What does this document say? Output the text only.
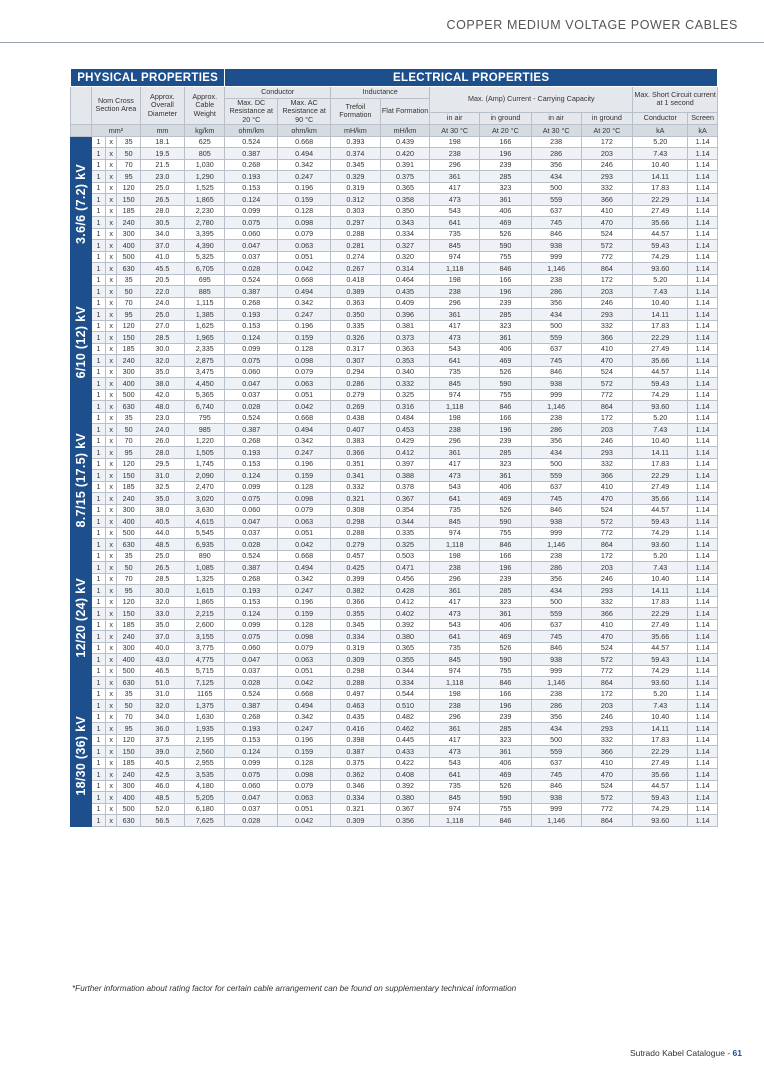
COPPER MEDIUM VOLTAGE POWER CABLES
PHYSICAL PROPERTIES						ELECTRICAL PROPERTIES									
	Nom Cross Section Area			Approx. Overall Diameter	Approx. Cable Weight	Conductor		Inductance		Max. (Amp) Current - Carrying Capacity				Max. Short Circuit current at 1 second	
						Max. DC Resistance at 20 °C	Max. AC Resistance at 90 °C	Trefoil Formation	Flat Formation						

										in air	in ground	in air	in ground	Conductor	Screen
	mm²			mm	kg/km	ohm/km	ohm/km	mH/km	mH/km	At 30 °C	At 20 °C	At 30 °C	At 20 °C	kA	kA
3.6/6 (7.2) kV	1	x	35	18.1	625	0.524	0.668	0.393	0.439	198	166	238	172	5.20	1.14
	1	x	50	19.5	805	0.387	0.494	0.374	0.420	238	196	286	203	7.43	1.14
	1	x	70	21.5	1,030	0.268	0.342	0.345	0.391	296	239	356	246	10.40	1.14
	1	x	95	23.0	1,290	0.193	0.247	0.329	0.375	361	285	434	293	14.11	1.14
	1	x	120	25.0	1,525	0.153	0.196	0.319	0.365	417	323	500	332	17.83	1.14
	1	x	150	26.5	1,865	0.124	0.159	0.312	0.358	473	361	559	366	22.29	1.14
	1	x	185	28.0	2,230	0.099	0.128	0.303	0.350	543	406	637	410	27.49	1.14
	1	x	240	30.5	2,780	0.075	0.098	0.297	0.343	641	469	745	470	35.66	1.14
	1	x	300	34.0	3,395	0.060	0.079	0.288	0.334	735	526	846	524	44.57	1.14
	1	x	400	37.0	4,390	0.047	0.063	0.281	0.327	845	590	938	572	59.43	1.14
	1	x	500	41.0	5,325	0.037	0.051	0.274	0.320	974	755	999	772	74.29	1.14
	1	x	630	45.5	6,705	0.028	0.042	0.267	0.314	1,118	846	1,146	864	93.60	1.14
6/10 (12) kV	1	x	35	20.5	695	0.524	0.668	0.418	0.464	198	166	238	172	5.20	1.14
	1	x	50	22.0	885	0.387	0.494	0.389	0.435	238	196	286	203	7.43	1.14
	1	x	70	24.0	1,115	0.268	0.342	0.363	0.409	296	239	356	246	10.40	1.14
	1	x	95	25.0	1,385	0.193	0.247	0.350	0.396	361	285	434	293	14.11	1.14
	1	x	120	27.0	1,625	0.153	0.196	0.335	0.381	417	323	500	332	17.83	1.14
	1	x	150	28.5	1,965	0.124	0.159	0.326	0.373	473	361	559	366	22.29	1.14
	1	x	185	30.0	2,335	0.099	0.128	0.317	0.363	543	406	637	410	27.49	1.14
	1	x	240	32.0	2,875	0.075	0.098	0.307	0.353	641	469	745	470	35.66	1.14
	1	x	300	35.0	3,475	0.060	0.079	0.294	0.340	735	526	846	524	44.57	1.14
	1	x	400	38.0	4,450	0.047	0.063	0.286	0.332	845	590	938	572	59.43	1.14
	1	x	500	42.0	5,365	0.037	0.051	0.279	0.325	974	755	999	772	74.29	1.14
	1	x	630	48.0	6,740	0.028	0.042	0.269	0.316	1,118	846	1,146	864	93.60	1.14
8.7/15 (17.5) kV	1	x	35	23.0	795	0.524	0.668	0.438	0.484	198	166	238	172	5.20	1.14
	1	x	50	24.0	985	0.387	0.494	0.407	0.453	238	196	286	203	7.43	1.14
	1	x	70	26.0	1,220	0.268	0.342	0.383	0.429	296	239	356	246	10.40	1.14
	1	x	95	28.0	1,505	0.193	0.247	0.366	0.412	361	285	434	293	14.11	1.14
	1	x	120	29.5	1,745	0.153	0.196	0.351	0.397	417	323	500	332	17.83	1.14
	1	x	150	31.0	2,090	0.124	0.159	0.341	0.388	473	361	559	366	22.29	1.14
	1	x	185	32.5	2,470	0.099	0.128	0.332	0.378	543	406	637	410	27.49	1.14
	1	x	240	35.0	3,020	0.075	0.098	0.321	0.367	641	469	745	470	35.66	1.14
	1	x	300	38.0	3,630	0.060	0.079	0.308	0.354	735	526	846	524	44.57	1.14
	1	x	400	40.5	4,615	0.047	0.063	0.298	0.344	845	590	938	572	59.43	1.14
	1	x	500	44.0	5,545	0.037	0.051	0.288	0.335	974	755	999	772	74.29	1.14
	1	x	630	48.5	6,935	0.028	0.042	0.279	0.325	1,118	846	1,146	864	93.60	1.14
12/20 (24) kV	1	x	35	25.0	890	0.524	0.668	0.457	0.503	198	166	238	172	5.20	1.14
	1	x	50	26.5	1,085	0.387	0.494	0.425	0.471	238	196	286	203	7.43	1.14
	1	x	70	28.5	1,325	0.268	0.342	0.399	0.456	296	239	356	246	10.40	1.14
	1	x	95	30.0	1,615	0.193	0.247	0.382	0.428	361	285	434	293	14.11	1.14
	1	x	120	32.0	1,865	0.153	0.196	0.366	0.412	417	323	500	332	17.83	1.14
	1	x	150	33.0	2,215	0.124	0.159	0.355	0.402	473	361	559	366	22.29	1.14
	1	x	185	35.0	2,600	0.099	0.128	0.345	0.392	543	406	637	410	27.49	1.14
	1	x	240	37.0	3,155	0.075	0.098	0.334	0.380	641	469	745	470	35.66	1.14
	1	x	300	40.0	3,775	0.060	0.079	0.319	0.365	735	526	846	524	44.57	1.14
	1	x	400	43.0	4,775	0.047	0.063	0.309	0.355	845	590	938	572	59.43	1.14
	1	x	500	46.5	5,715	0.037	0.051	0.298	0.344	974	755	999	772	74.29	1.14
	1	x	630	51.0	7,125	0.028	0.042	0.288	0.334	1,118	846	1,146	864	93.60	1.14
18/30 (36) kV	1	x	35	31.0	1165	0.524	0.668	0.497	0.544	198	166	238	172	5.20	1.14
	1	x	50	32.0	1,375	0.387	0.494	0.463	0.510	238	196	286	203	7.43	1.14
	1	x	70	34.0	1,630	0.268	0.342	0.435	0.482	296	239	356	246	10.40	1.14
	1	x	95	36.0	1,935	0.193	0.247	0.416	0.462	361	285	434	293	14.11	1.14
	1	x	120	37.5	2,195	0.153	0.196	0.398	0.445	417	323	500	332	17.83	1.14
	1	x	150	39.0	2,560	0.124	0.159	0.387	0.433	473	361	559	366	22.29	1.14
	1	x	185	40.5	2,955	0.099	0.128	0.375	0.422	543	406	637	410	27.49	1.14
	1	x	240	42.5	3,535	0.075	0.098	0.362	0.408	641	469	745	470	35.66	1.14
	1	x	300	46.0	4,180	0.060	0.079	0.346	0.392	735	526	846	524	44.57	1.14
	1	x	400	48.5	5,205	0.047	0.063	0.334	0.380	845	590	938	572	59.43	1.14
	1	x	500	52.0	6,180	0.037	0.051	0.321	0.367	974	755	999	772	74.29	1.14
	1	x	630	56.5	7,625	0.028	0.042	0.309	0.356	1,118	846	1,146	864	93.60	1.14
*Further information about rating factor for certain cable arrangement can be found on supplementary technical information
Sutrado Kabel Catalogue - 61
